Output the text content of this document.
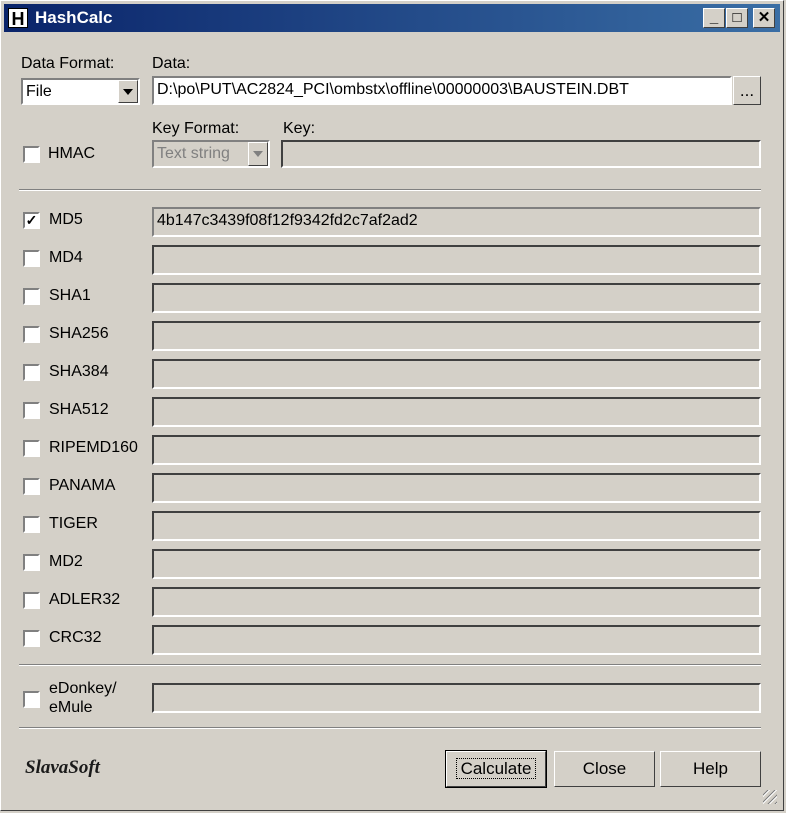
H HashCalc	_ □	✕
Data Format:
File
Data:
D:\po\PUT\AC2824_PCI\ombstx\offline\00000003\BAUSTEIN.DBT	...
HMAC
Key Format:
Text string
Key:
✓ MD5	4b147c3439f08f12f9342fd2c7af2ad2
MD4
SHA1
SHA256
SHA384
SHA512
RIPEMD160
PANAMA
TIGER
MD2
ADLER32
CRC32
eDonkey/
eMule
SlavaSoft	Calculate	Close	Help
